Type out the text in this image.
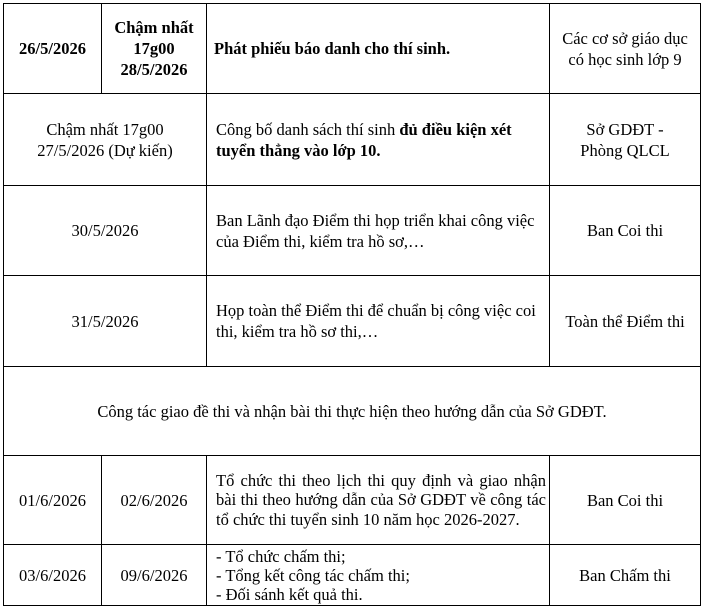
26/5/2026
Chậm nhất 17g00 28/5/2026
Phát phiếu báo danh cho thí sinh.
Các cơ sở giáo dục có học sinh lớp 9
Chậm nhất 17g00 27/5/2026 (Dự kiến)
Công bố danh sách thí sinh đủ điều kiện xét tuyển thẳng vào lớp 10.
Sở GDĐT - Phòng QLCL
30/5/2026
Ban Lãnh đạo Điểm thi họp triển khai công việc của Điểm thi, kiểm tra hồ sơ,…
Ban Coi thi
31/5/2026
Họp toàn thể Điểm thi để chuẩn bị công việc coi thi, kiểm tra hồ sơ thi,…
Toàn thể Điểm thi
Công tác giao đề thi và nhận bài thi thực hiện theo hướng dẫn của Sở GDĐT.
01/6/2026 02/6/2026
Tổ chức thi theo lịch thi quy định và giao nhận bài thi theo hướng dẫn của Sở GDĐT về công tác tổ chức thi tuyển sinh 10 năm học 2026-2027.
Ban Coi thi
03/6/2026 09/6/2026
- Tổ chức chấm thi;
- Tổng kết công tác chấm thi;
- Đối sánh kết quả thi.
Ban Chấm thi
